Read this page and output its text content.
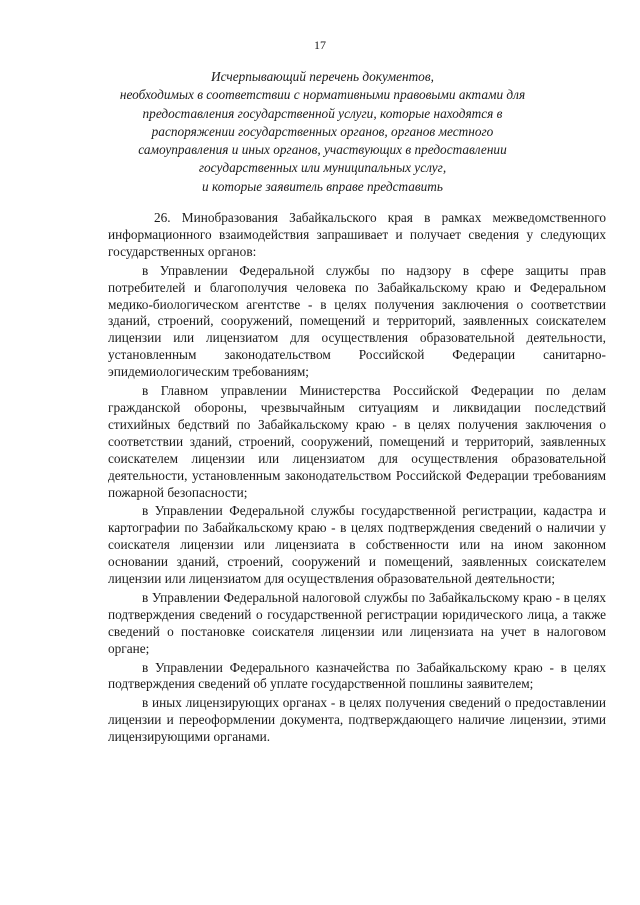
17
Исчерпывающий перечень документов,
необходимых в соответствии с нормативными правовыми актами для
предоставления государственной услуги, которые находятся в
распоряжении государственных органов, органов местного
самоуправления и иных органов, участвующих в предоставлении
государственных или муниципальных услуг,
и которые заявитель вправе представить

26. Минобразования Забайкальского края в рамках межведомственного информационного взаимодействия запрашивает и получает сведения у следующих государственных органов:

в Управлении Федеральной службы по надзору в сфере защиты прав потребителей и благополучия человека по Забайкальскому краю и Федеральном медико-биологическом агентстве - в целях получения заключения о соответствии зданий, строений, сооружений, помещений и территорий, заявленных соискателем лицензии или лицензиатом для осуществления образовательной деятельности, установленным законодательством Российской Федерации санитарно-эпидемиологическим требованиям;

в Главном управлении Министерства Российской Федерации по делам гражданской обороны, чрезвычайным ситуациям и ликвидации последствий стихийных бедствий по Забайкальскому краю - в целях получения заключения о соответствии зданий, строений, сооружений, помещений и территорий, заявленных соискателем лицензии или лицензиатом для осуществления образовательной деятельности, установленным законодательством Российской Федерации требованиям пожарной безопасности;

в Управлении Федеральной службы государственной регистрации, кадастра и картографии по Забайкальскому краю - в целях подтверждения сведений о наличии у соискателя лицензии или лицензиата в собственности или на ином законном основании зданий, строений, сооружений и помещений, заявленных соискателем лицензии или лицензиатом для осуществления образовательной деятельности;

в Управлении Федеральной налоговой службы по Забайкальскому краю - в целях подтверждения сведений о государственной регистрации юридического лица, а также сведений о постановке соискателя лицензии или лицензиата на учет в налоговом органе;

в Управлении Федерального казначейства по Забайкальскому краю - в целях подтверждения сведений об уплате государственной пошлины заявителем;

в иных лицензирующих органах - в целях получения сведений о предоставлении лицензии и переоформлении документа, подтверждающего наличие лицензии, этими лицензирующими органами.
